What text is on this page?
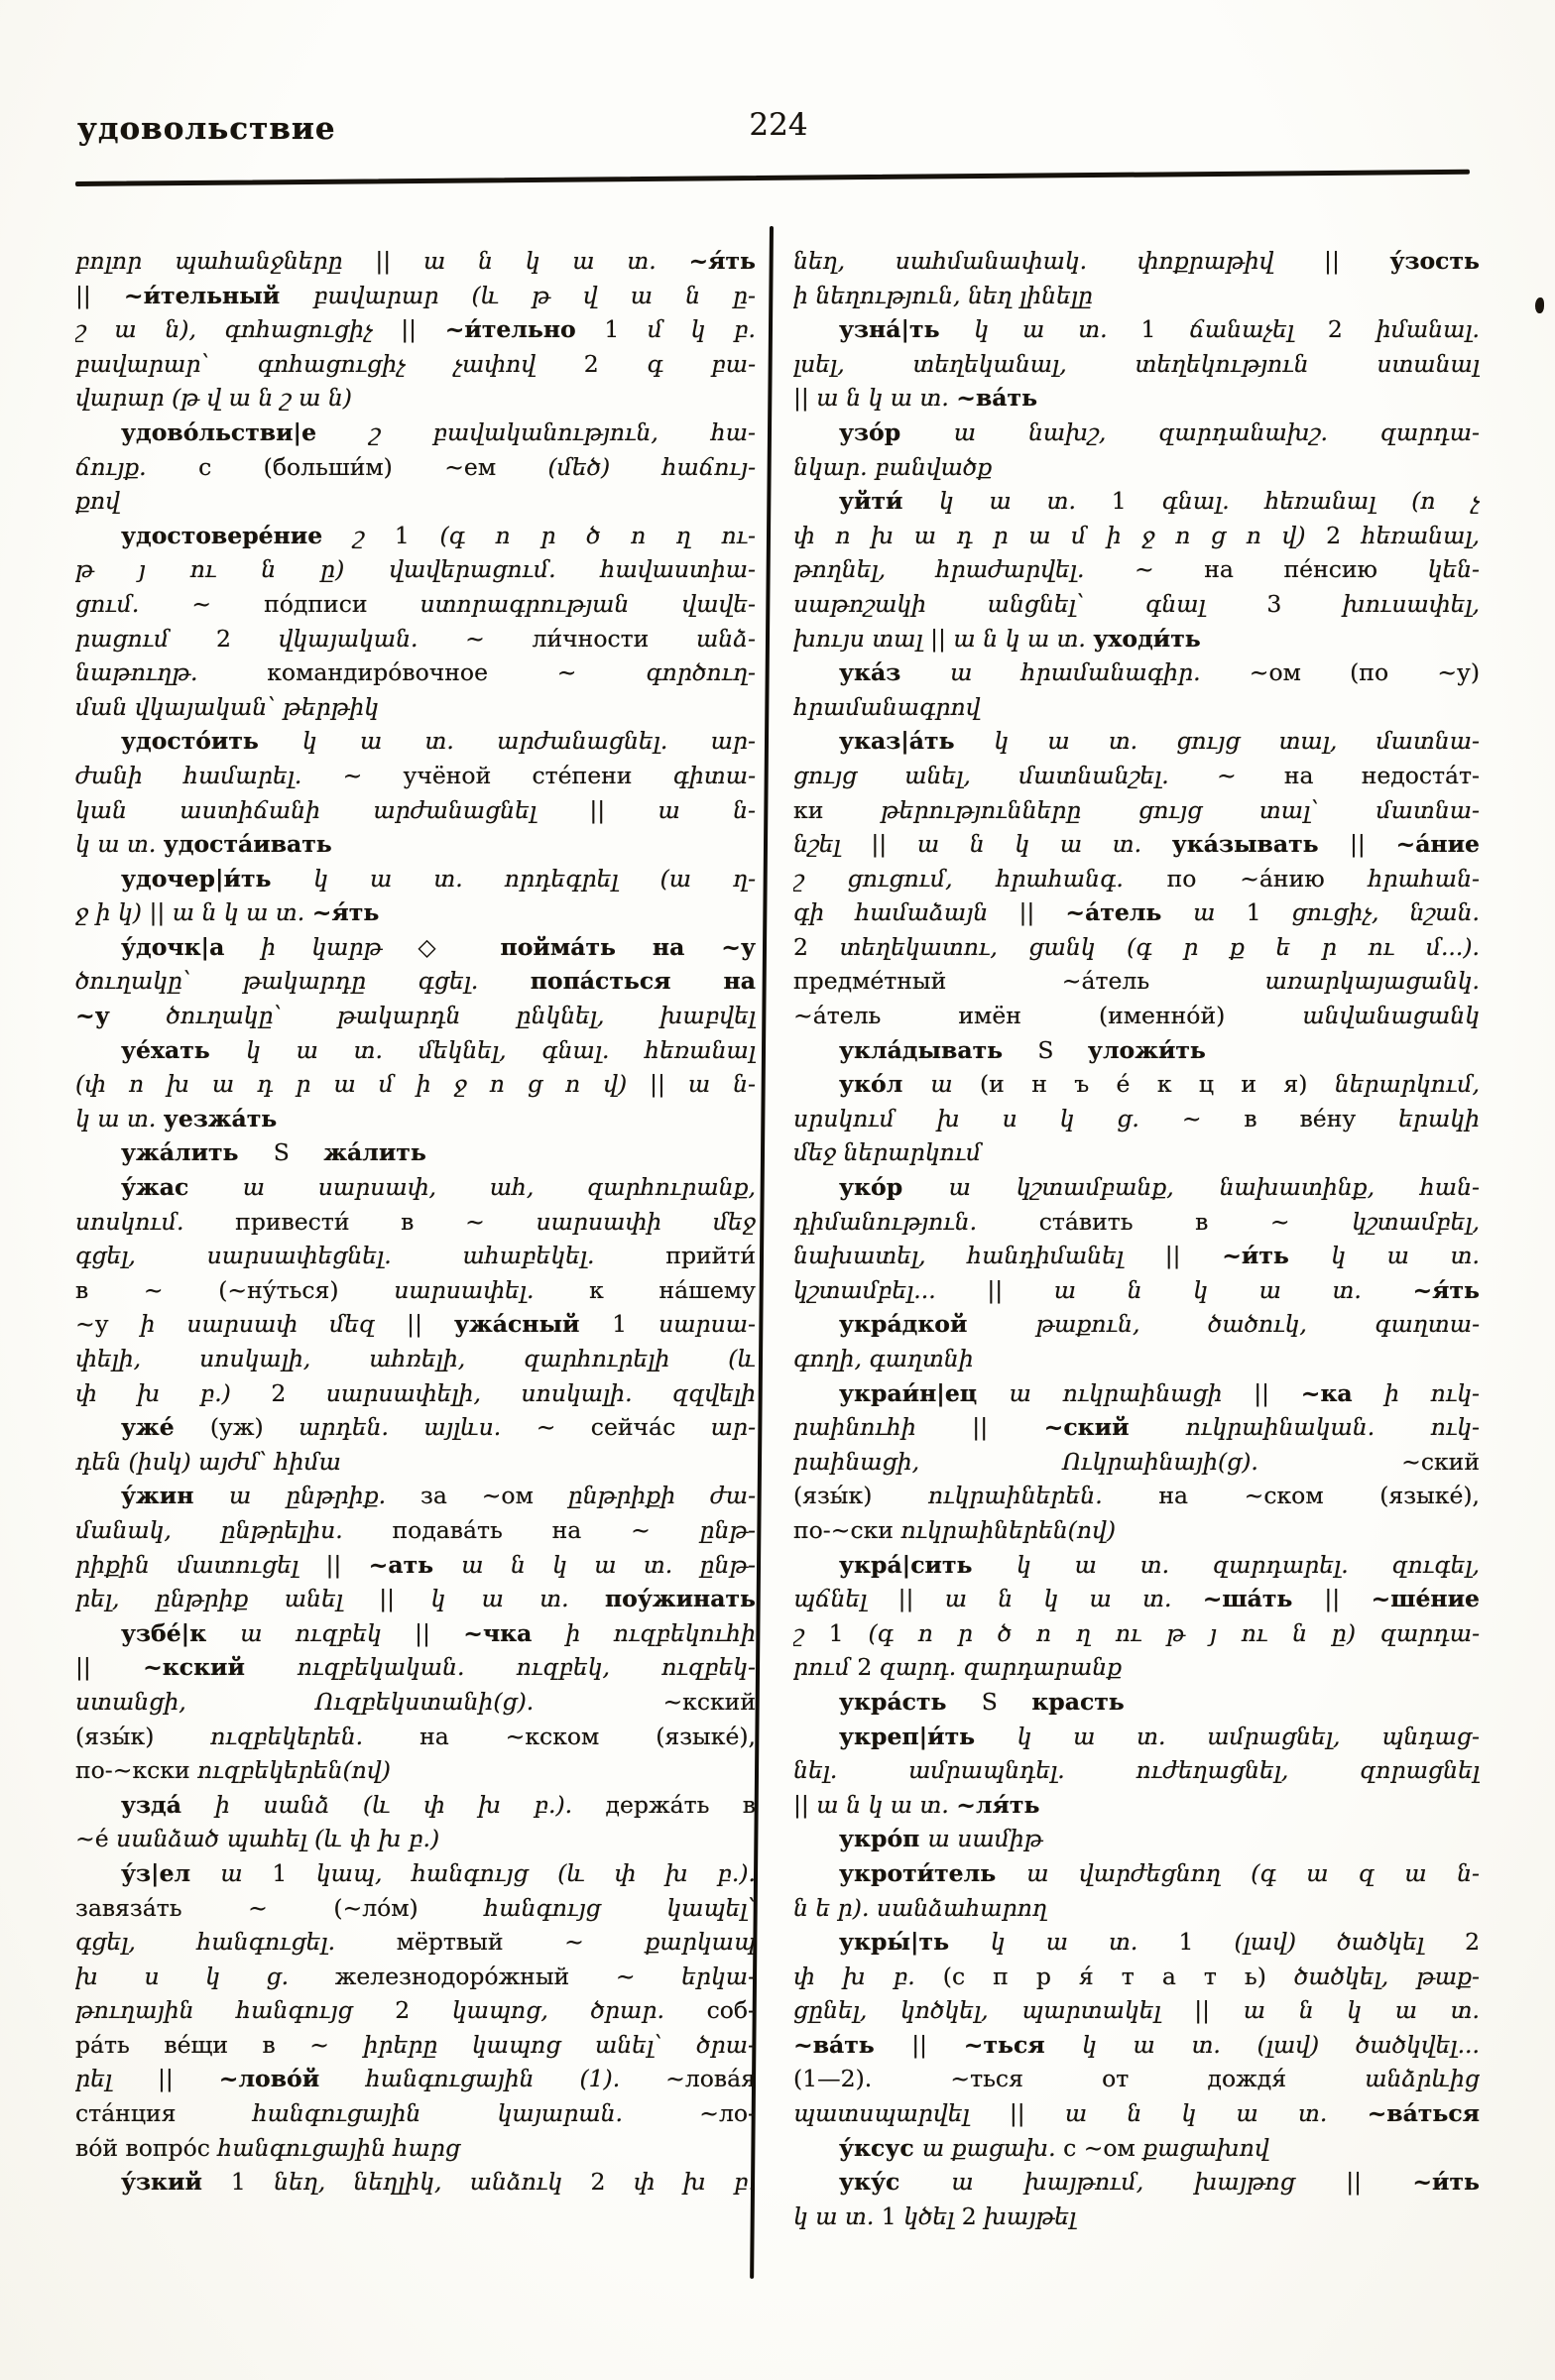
удовольствие	224
բոլոր պահանջները || ա ն կ ա տ. ~я́ть
|| ~и́тельный բավարար (և թ վ ա ն ը-
շ ա ն), գոհացուցիչ || ~и́тельно 1 մ կ բ.
բավարար՝ գոհացուցիչ չափով 2 գ բա-
վարար (թ վ ա ն շ ա ն)
удово́льстви|е շ բավականություն, հա-
ճույք. с (больши́м) ~ем (մեծ) հաճույ-
քով
удостовере́ние շ 1 (գ ո ր ծ ո ղ ու-
թ յ ու ն ը) վավերացում. հավաստիա-
ցում. ~ по́дписи ստորագրության վավե-
րացում 2 վկայական. ~ ли́чности անձ-
նաթուղթ. командиро́вочное ~ գործուղ-
ման վկայական՝ թերթիկ
удосто́ить կ ա տ. արժանացնել. ար-
ժանի համարել. ~ учёной сте́пени գիտա-
կան աստիճանի արժանացնել || ա ն-
կ ա տ. удоста́ивать
удочер|и́ть կ ա տ. որդեգրել (ա ղ-
ջ ի կ) || ա ն կ ա տ. ~я́ть
у́дочк|а ի կարթ ◇ пойма́ть на ~у
ծուղակը՝ թակարդը գցել. попа́сться на
~у ծուղակը՝ թակարդն ընկնել, խաբվել
уе́хать կ ա տ. մեկնել, գնալ. հեռանալ
(փ ո խ ա դ ր ա մ ի ջ ո ց ո վ) || ա ն-
կ ա տ. уезжа́ть
ужа́лить S жа́лить
у́жас ա սարսափ, ահ, զարհուրանք,
սոսկում. привести́ в ~ սարսափի մեջ
գցել, սարսափեցնել. ահաբեկել. прийти́
в ~ (~ну́ться) սարսափել. к на́шему
~у ի սարսափ մեզ || ужа́сный 1 սարսա-
փելի, սոսկալի, ահռելի, զարհուրելի (և
փ խ բ.) 2 սարսափելի, սոսկալի. զզվելի
уже́ (уж) արդեն. այլևս. ~ сейча́с ար-
դեն (իսկ) այժմ՝ հիմա
у́жин ա ընթրիք. за ~ом ընթրիքի ժա-
մանակ, ընթրելիս. подава́ть на ~ ընթ-
րիքին մատուցել || ~ать ա ն կ ա տ. ընթ-
րել, ընթրիք անել || կ ա տ. поу́жинать
узбе́|к ա ուզբեկ || ~чка ի ուզբեկուհի
|| ~кский ուզբեկական. ուզբեկ, ուզբեկ-
ստանցի, Ուզբեկստանի(ց). ~кский
(язы́к) ուզբեկերեն. на ~кском (языке́),
по-~кски ուզբեկերեն(ով)
узда́ ի սանձ (և փ խ բ.). держа́ть в
~е́ սանձած պահել (և փ խ բ.)
у́з|ел ա 1 կապ, հանգույց (և փ խ բ.).
завяза́ть ~ (~ло́м) հանգույց կապել՝
գցել, հանգուցել. мёртвый ~ քարկապ
խ ս կ ց. железнодоро́жный ~ երկա-
թուղային հանգույց 2 կապոց, ծրար. соб-
ра́ть ве́щи в ~ իրերը կապոց անել՝ ծրա-
րել || ~лово́й հանգուցային (1). ~лова́я
ста́нция հանգուցային կայարան. ~ло-
во́й вопро́с հանգուցային հարց
у́зкий 1 նեղ, նեղլիկ, անձուկ 2 փ խ բ.
նեղ, սահմանափակ. փոքրաթիվ || у́зость
ի նեղություն, նեղ լինելը
узна́|ть կ ա տ. 1 ճանաչել 2 իմանալ.
լսել, տեղեկանալ, տեղեկություն ստանալ
|| ա ն կ ա տ. ~ва́ть
узо́р ա նախշ, զարդանախշ. զարդա-
նկար. բանվածք
уйти́ կ ա տ. 1 գնալ. հեռանալ (ո չ
փ ո խ ա դ ր ա մ ի ջ ո ց ո վ) 2 հեռանալ,
թողնել, հրաժարվել. ~ на пе́нсию կեն-
սաթոշակի անցնել՝ գնալ 3 խուսափել,
խույս տալ || ա ն կ ա տ. уходи́ть
ука́з ա հրամանագիր. ~ом (по ~у)
հրամանագրով
указ|а́ть կ ա տ. ցույց տալ, մատնա-
ցույց անել, մատնանշել. ~ на недоста́т-
ки թերությունները ցույց տալ՝ մատնա-
նշել || ա ն կ ա տ. ука́зывать || ~а́ние
շ ցուցում, հրահանգ. по ~а́нию հրահան-
գի համաձայն || ~а́тель ա 1 ցուցիչ, նշան.
2 տեղեկատու, ցանկ (գ ր ք ե ր ու մ...).
предме́тный ~а́тель առարկայացանկ.
~а́тель имён (именно́й) անվանացանկ
укла́дывать S уложи́ть
уко́л ա (и н ъ е́ к ц и я) ներարկում,
սրսկում խ ս կ ց. ~ в ве́ну երակի
մեջ ներարկում
уко́р ա կշտամբանք, նախատինք, հան-
դիմանություն. ста́вить в ~ կշտամբել,
նախատել, հանդիմանել || ~и́ть կ ա տ.
կշտամբել... || ա ն կ ա տ. ~я́ть
укра́дкой թաքուն, ծածուկ, գաղտա-
գողի, գաղտնի
украи́н|ец ա ուկրաինացի || ~ка ի ուկ-
րաինուհի || ~ский ուկրաինական. ուկ-
րաինացի, Ուկրաինայի(ց). ~ский
(язы́к) ուկրաիներեն. на ~ском (языке́),
по-~ски ուկրաիներեն(ով)
укра́|сить կ ա տ. զարդարել. զուգել,
պճնել || ա ն կ ա տ. ~ша́ть || ~ше́ние
շ 1 (գ ո ր ծ ո ղ ու թ յ ու ն ը) զարդա-
րում 2 զարդ. զարդարանք
укра́сть S красть
укреп|и́ть կ ա տ. ամրացնել, պնդաց-
նել. ամրապնդել. ուժեղացնել, զորացնել
|| ա ն կ ա տ. ~ля́ть
укро́п ա սամիթ
укроти́тель ա վարժեցնող (գ ա զ ա ն-
ն ե ր). սանձահարող
укры́|ть կ ա տ. 1 (լավ) ծածկել 2
փ խ բ. (с п р я́ т а т ь) ծածկել, թաք-
ցընել, կոծկել, պարտակել || ա ն կ ա տ.
~ва́ть || ~ться կ ա տ. (լավ) ծածկվել...
(1—2). ~ться от дождя́ անձրևից
պատսպարվել || ա ն կ ա տ. ~ва́ться
у́ксус ա քացախ. с ~ом քացախով
уку́с ա խայթում, խայթոց || ~и́ть
կ ա տ. 1 կծել 2 խայթել
